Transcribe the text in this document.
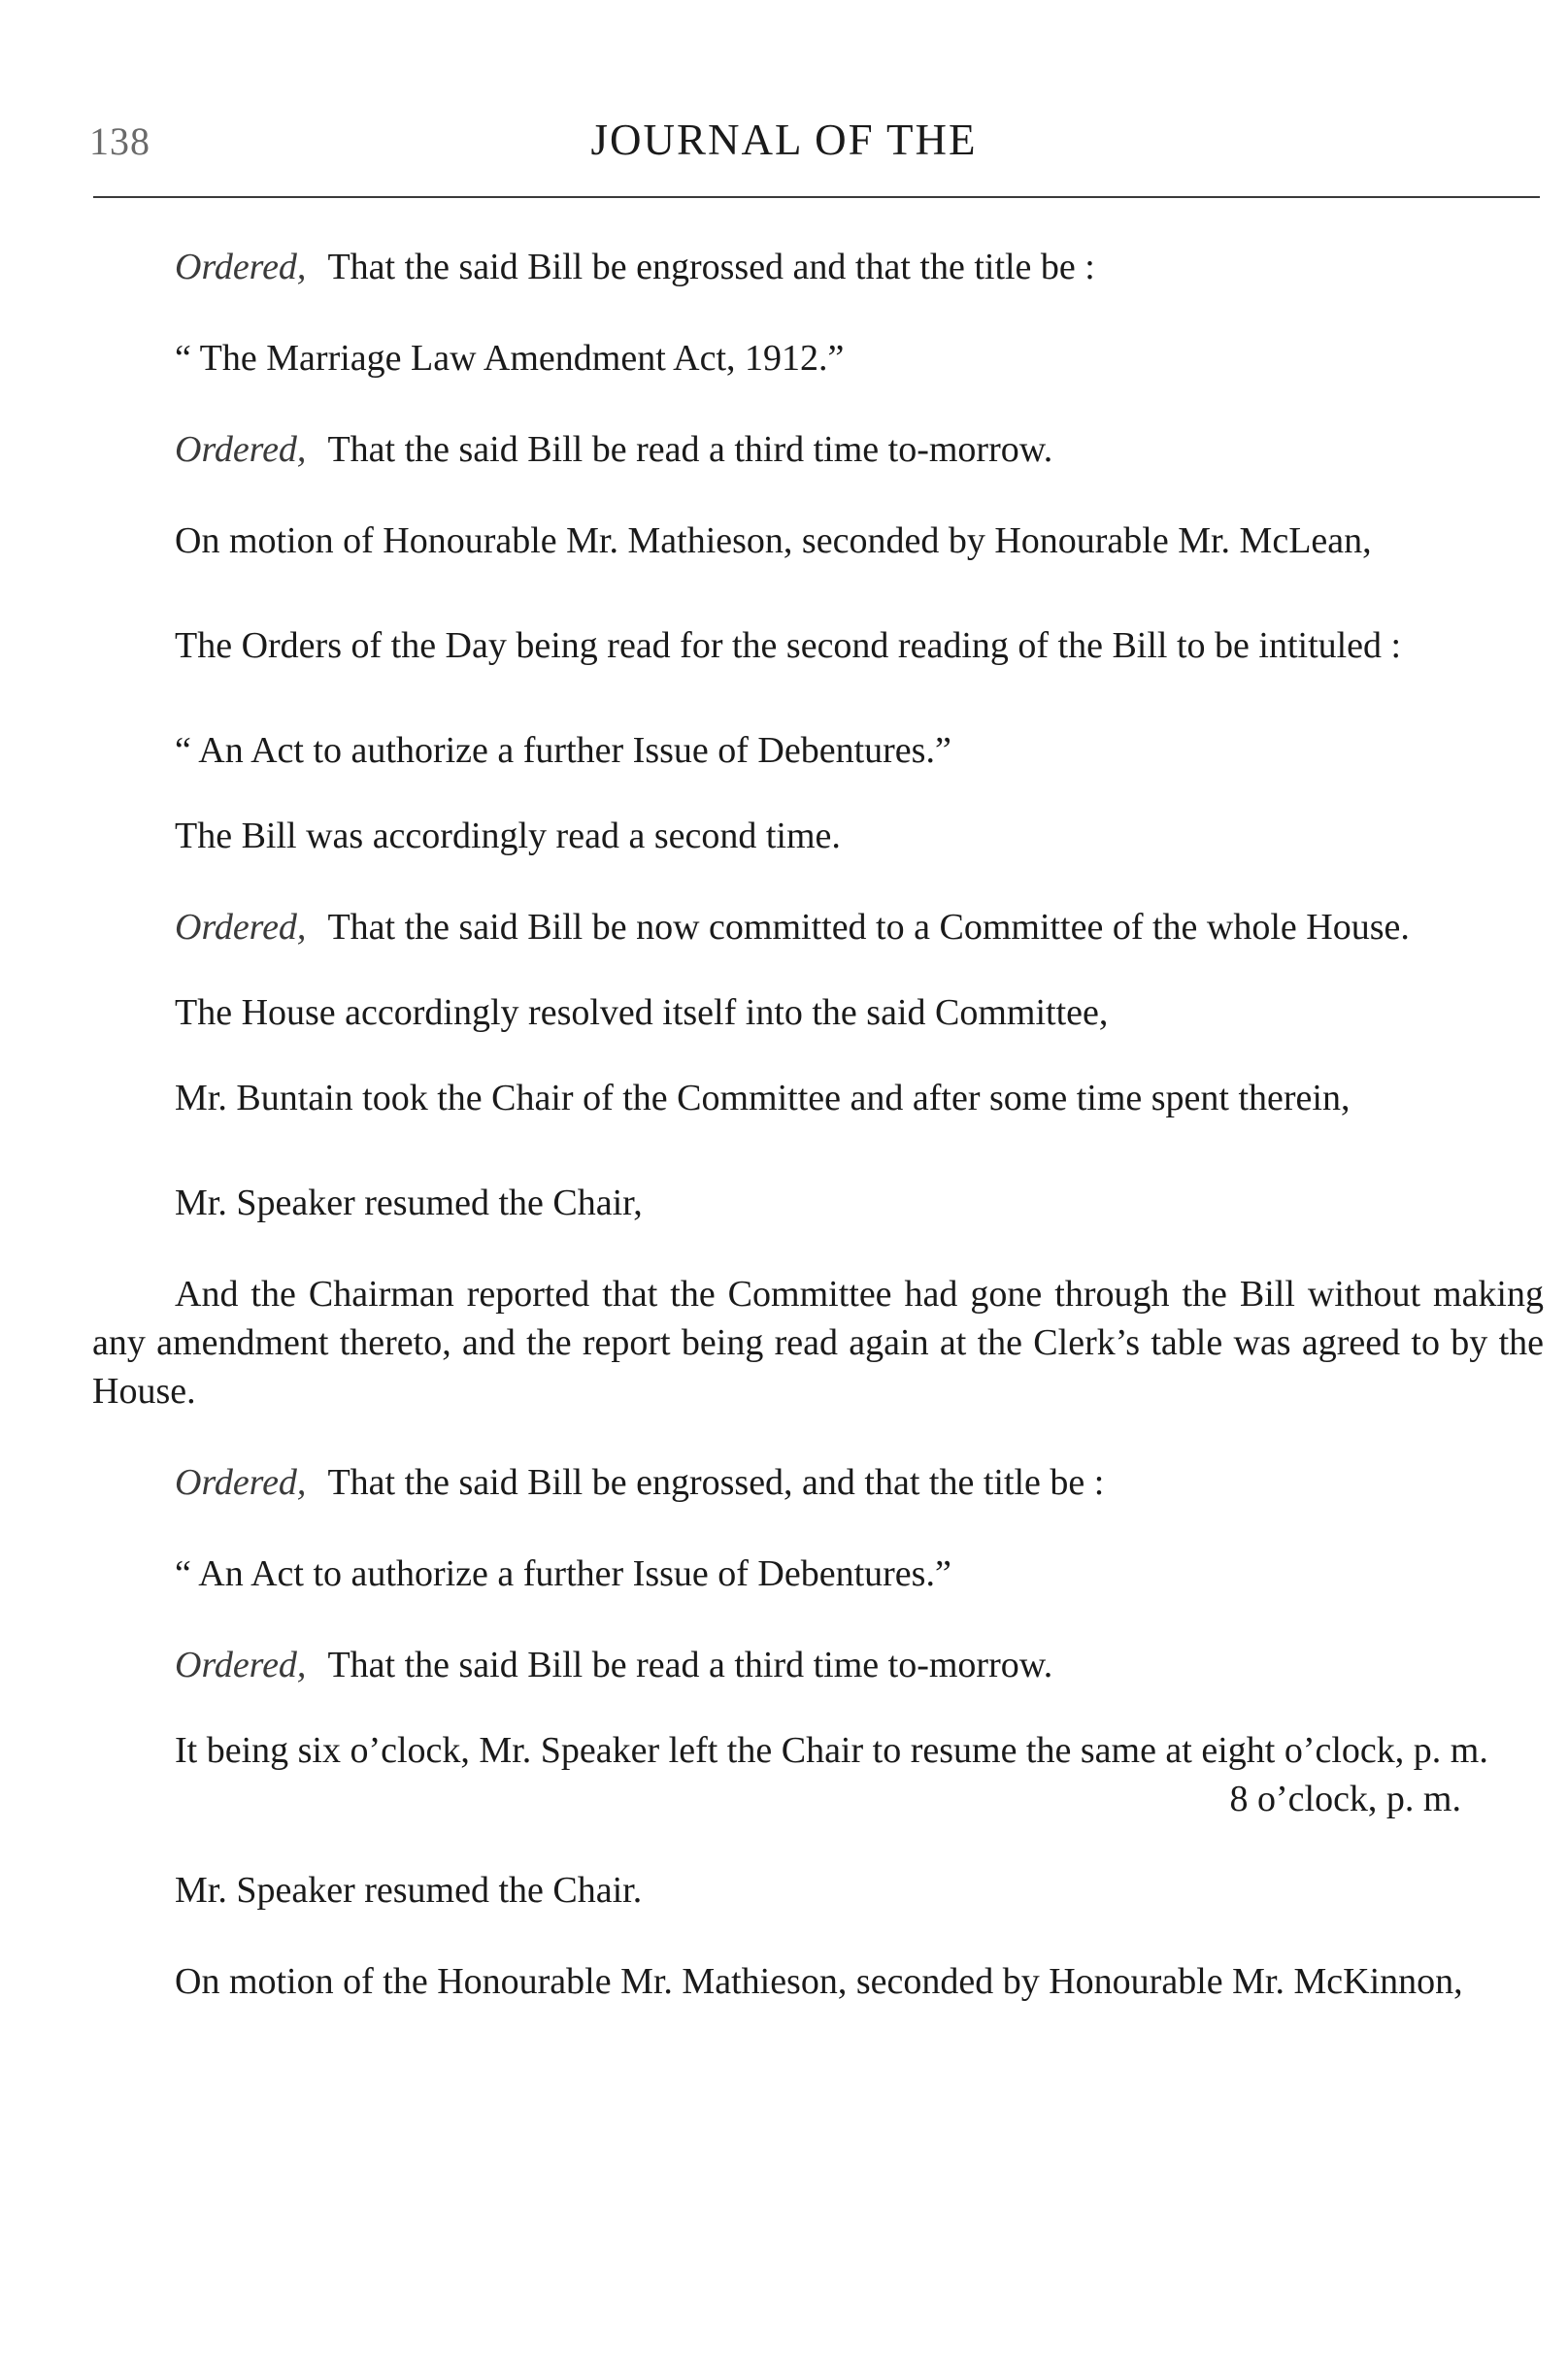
138	JOURNAL OF THE

Ordered, That the said Bill be engrossed and that the title be :

“ The Marriage Law Amendment Act, 1912.”

Ordered, That the said Bill be read a third time to-morrow.

On motion of Honourable Mr. Mathieson, seconded by Honourable Mr. McLean,

The Orders of the Day being read for the second reading of the Bill to be intituled :

“ An Act to authorize a further Issue of Debentures.”

The Bill was accordingly read a second time.

Ordered, That the said Bill be now committed to a Committee of the whole House.

The House accordingly resolved itself into the said Committee,

Mr. Buntain took the Chair of the Committee and after some time spent therein,

Mr. Speaker resumed the Chair,

And the Chairman reported that the Committee had gone through the Bill without making any amendment thereto, and the report being read again at the Clerk’s table was agreed to by the House.

Ordered, That the said Bill be engrossed, and that the title be :

“ An Act to authorize a further Issue of Debentures.”

Ordered, That the said Bill be read a third time to-morrow.

It being six o’clock, Mr. Speaker left the Chair to resume the same at eight o’clock, p. m.

8 o’clock, p. m.

Mr. Speaker resumed the Chair.

On motion of the Honourable Mr. Mathieson, seconded by Honourable Mr. McKinnon,
